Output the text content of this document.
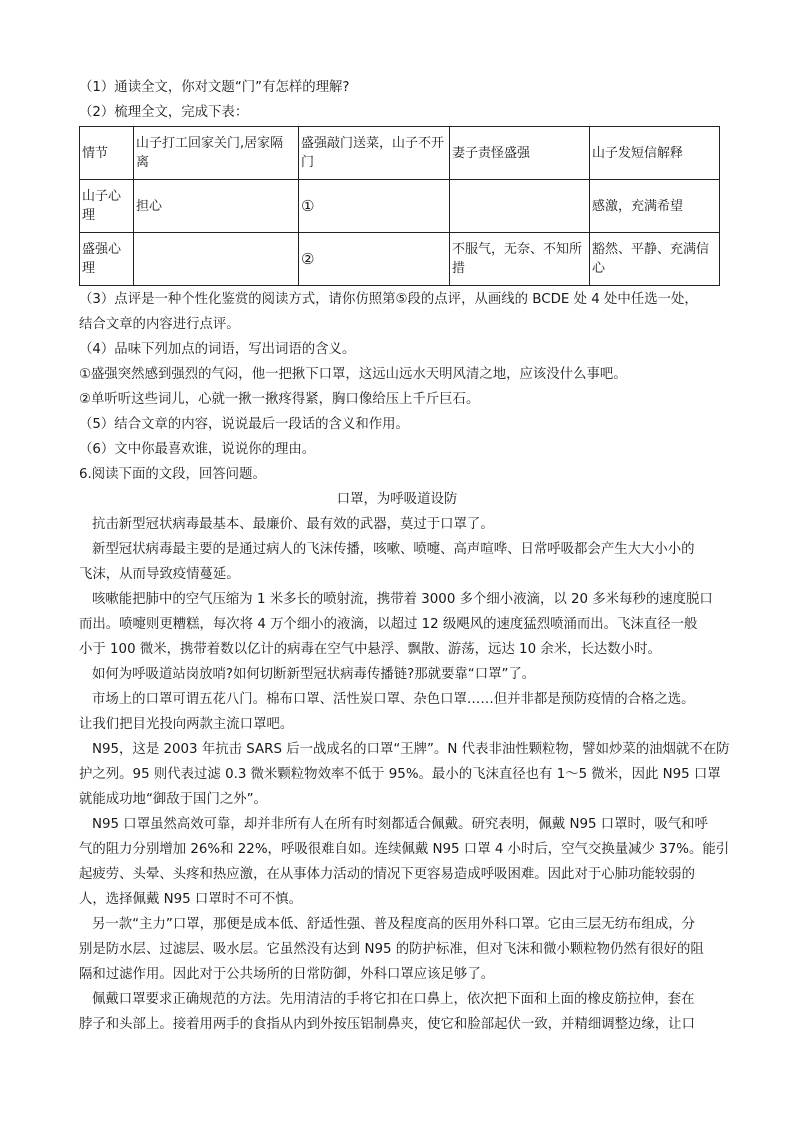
（1）通读全文，你对文题“门”有怎样的理解?
（2）梳理全文，完成下表：
情节	山子打工回家关门,居家隔离	盛强敲门送菜，山子不开门	妻子责怪盛强	山子发短信解释
山子心理	担心	①		感激，充满希望
盛强心理		②	不服气，无奈、不知所措	豁然、平静、充满信心
（3）点评是一种个性化鉴赏的阅读方式，请你仿照第⑤段的点评，从画线的 BCDE 处 4 处中任选一处，
结合文章的内容进行点评。
（4）品味下列加点的词语，写出词语的含义。
①盛强突然感到强烈的气闷，他一把揪下口罩，这远山远水天明风清之地，应该没什么事吧。
②单听听这些词儿，心就一揪一揪疼得紧，胸口像给压上千斤巨石。
（5）结合文章的内容，说说最后一段话的含义和作用。
（6）文中你最喜欢谁，说说你的理由。
6.阅读下面的文段，回答问题。
口罩，为呼吸道设防
抗击新型冠状病毒最基本、最廉价、最有效的武器，莫过于口罩了。
新型冠状病毒最主要的是通过病人的飞沫传播，咳嗽、喷嚏、高声喧哗、日常呼吸都会产生大大小小的
飞沫，从而导致疫情蔓延。
咳嗽能把肺中的空气压缩为 1 米多长的喷射流，携带着 3000 多个细小液滴，以 20 多米每秒的速度脱口
而出。喷嚏则更糟糕，每次将 4 万个细小的液滴，以超过 12 级飓风的速度猛烈喷涌而出。飞沫直径一般
小于 100 微米，携带着数以亿计的病毒在空气中悬浮、飘散、游荡，远达 10 余米，长达数小时。
如何为呼吸道站岗放哨?如何切断新型冠状病毒传播链?那就要靠“口罩”了。
市场上的口罩可谓五花八门。棉布口罩、活性炭口罩、杂色口罩……但并非都是预防疫情的合格之选。
让我们把目光投向两款主流口罩吧。
N95，这是 2003 年抗击 SARS 后一战成名的口罩“王牌”。N 代表非油性颗粒物，譬如炒菜的油烟就不在防
护之列。95 则代表过滤 0.3 微米颗粒物效率不低于 95%。最小的飞沫直径也有 1～5 微米，因此 N95 口罩
就能成功地“御敌于国门之外”。
N95 口罩虽然高效可靠，却并非所有人在所有时刻都适合佩戴。研究表明，佩戴 N95 口罩时，吸气和呼
气的阻力分别增加 26%和 22%，呼吸很难自如。连续佩戴 N95 口罩 4 小时后，空气交换量减少 37%。能引
起疲劳、头晕、头疼和热应激，在从事体力活动的情况下更容易造成呼吸困难。因此对于心肺功能较弱的
人，选择佩戴 N95 口罩时不可不慎。
另一款“主力”口罩，那便是成本低、舒适性强、普及程度高的医用外科口罩。它由三层无纺布组成，分
别是防水层、过滤层、吸水层。它虽然没有达到 N95 的防护标准，但对飞沫和微小颗粒物仍然有很好的阻
隔和过滤作用。因此对于公共场所的日常防御，外科口罩应该足够了。
佩戴口罩要求正确规范的方法。先用清洁的手将它扣在口鼻上，依次把下面和上面的橡皮筋拉伸，套在
脖子和头部上。接着用两手的食指从内到外按压铝制鼻夹，使它和脸部起伏一致，并精细调整边缘，让口
